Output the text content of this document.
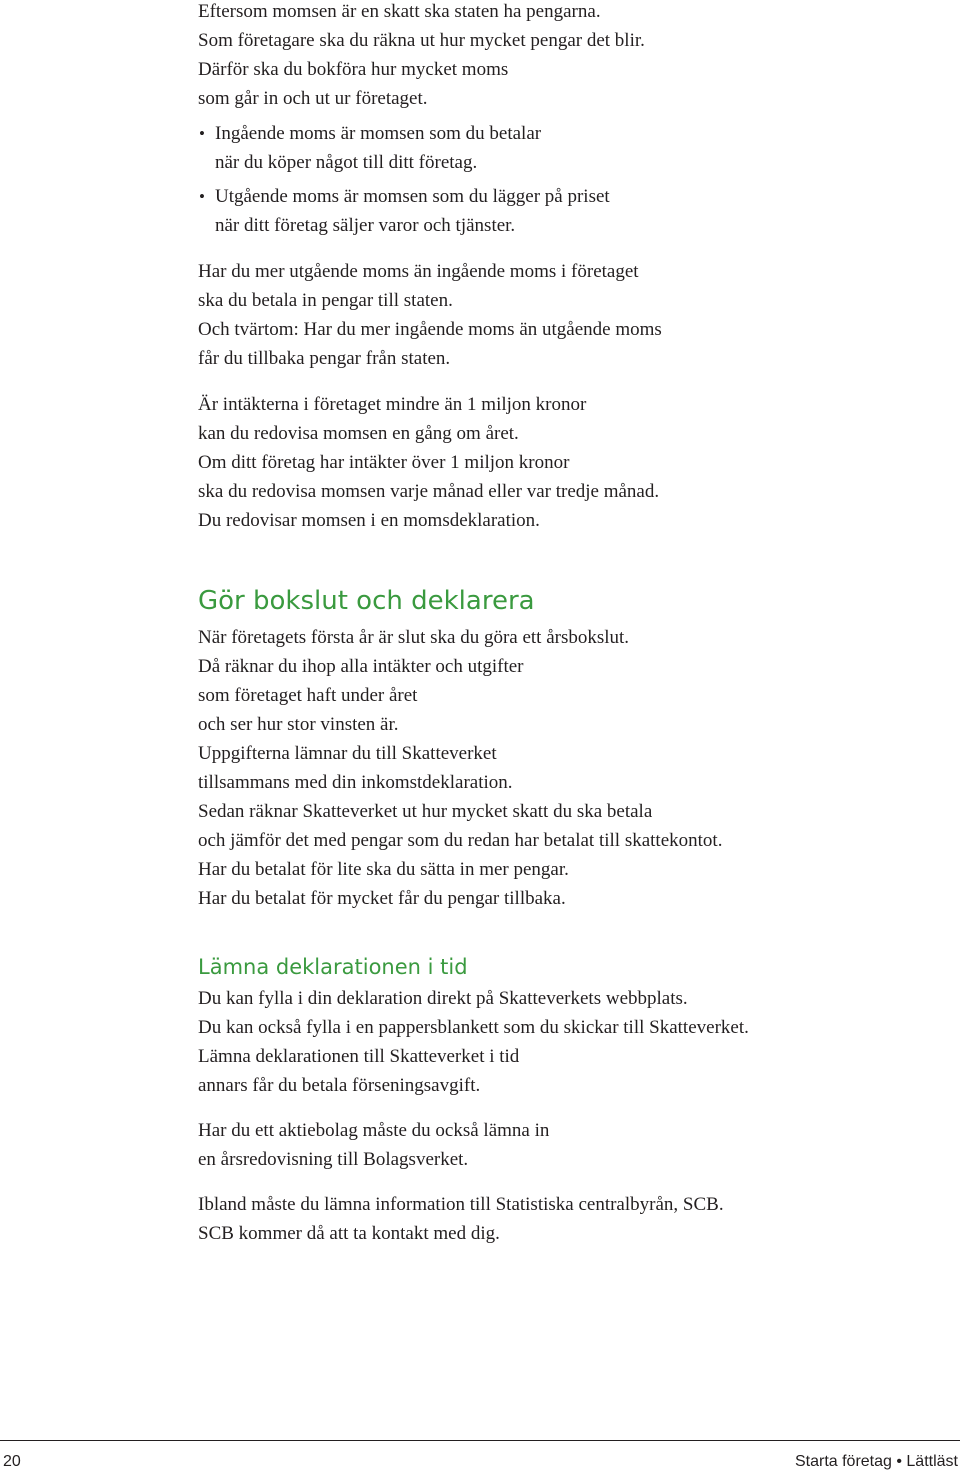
Eftersom momsen är en skatt ska staten ha pengarna.
Som företagare ska du räkna ut hur mycket pengar det blir.
Därför ska du bokföra hur mycket moms
som går in och ut ur företaget.
• Ingående moms är momsen som du betalar
när du köper något till ditt företag.
• Utgående moms är momsen som du lägger på priset
när ditt företag säljer varor och tjänster.
Har du mer utgående moms än ingående moms i företaget
ska du betala in pengar till staten.
Och tvärtom: Har du mer ingående moms än utgående moms
får du tillbaka pengar från staten.
Är intäkterna i företaget mindre än 1 miljon kronor
kan du redovisa momsen en gång om året.
Om ditt företag har intäkter över 1 miljon kronor
ska du redovisa momsen varje månad eller var tredje månad.
Du redovisar momsen i en momsdeklaration.
Gör bokslut och deklarera
När företagets första år är slut ska du göra ett årsbokslut.
Då räknar du ihop alla intäkter och utgifter
som företaget haft under året
och ser hur stor vinsten är.
Uppgifterna lämnar du till Skatteverket
tillsammans med din inkomstdeklaration.
Sedan räknar Skatteverket ut hur mycket skatt du ska betala
och jämför det med pengar som du redan har betalat till skattekontot.
Har du betalat för lite ska du sätta in mer pengar.
Har du betalat för mycket får du pengar tillbaka.
Lämna deklarationen i tid
Du kan fylla i din deklaration direkt på Skatteverkets webbplats.
Du kan också fylla i en pappersblankett som du skickar till Skatteverket.
Lämna deklarationen till Skatteverket i tid
annars får du betala förseningsavgift.
Har du ett aktiebolag måste du också lämna in
en årsredovisning till Bolagsverket.
Ibland måste du lämna information till Statistiska centralbyrån, SCB.
SCB kommer då att ta kontakt med dig.
20	Starta företag • Lättläst
